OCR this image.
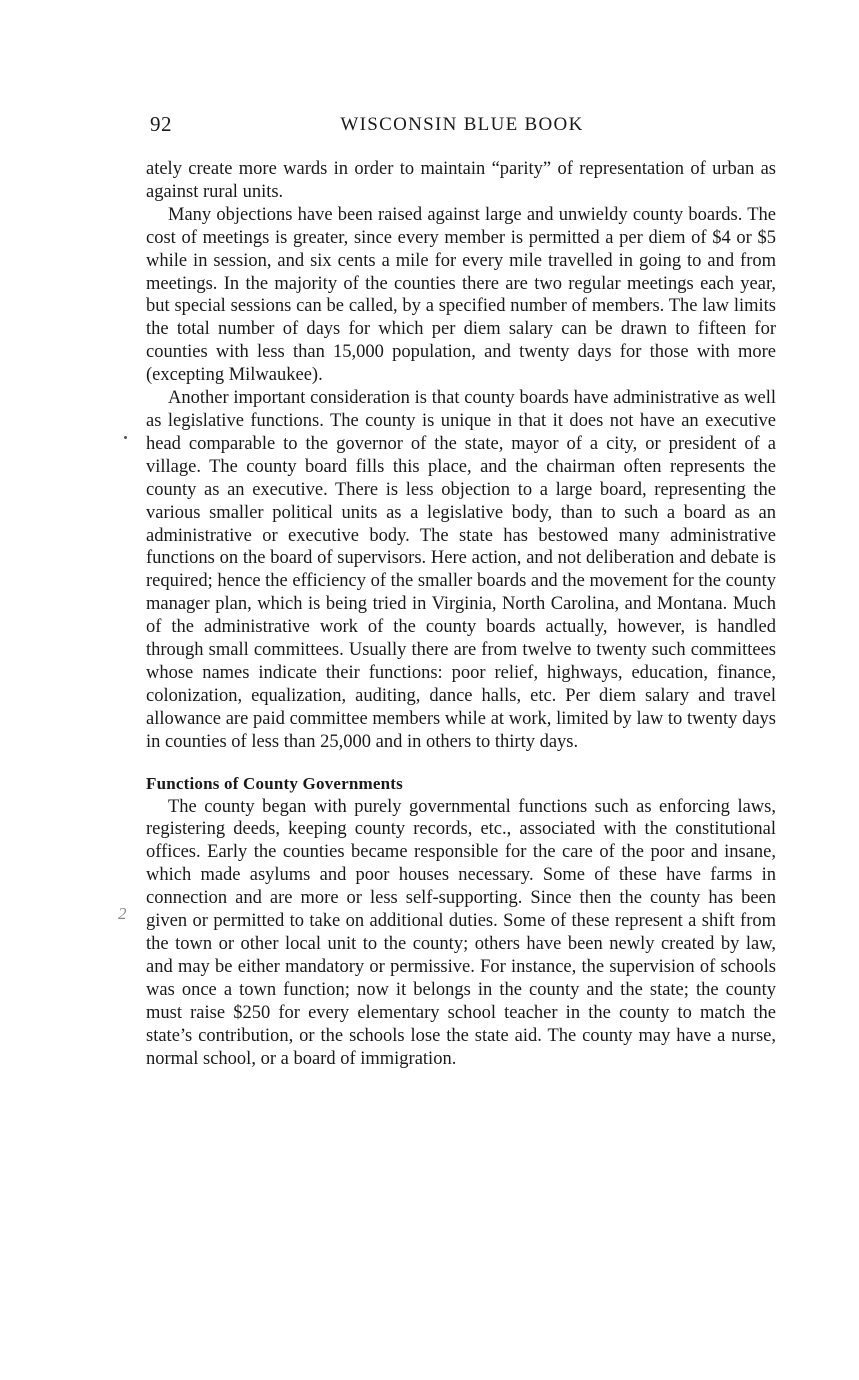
92	WISCONSIN BLUE BOOK
2

ately create more wards in order to maintain “parity” of representation of urban as against rural units.

Many objections have been raised against large and unwieldy county boards. The cost of meetings is greater, since every member is permitted a per diem of $4 or $5 while in session, and six cents a mile for every mile travelled in going to and from meetings. In the majority of the counties there are two regular meetings each year, but special sessions can be called, by a specified number of members. The law limits the total number of days for which per diem salary can be drawn to fifteen for counties with less than 15,000 population, and twenty days for those with more (excepting Milwaukee).

Another important consideration is that county boards have administrative as well as legislative functions. The county is unique in that it does not have an executive head comparable to the governor of the state, mayor of a city, or president of a village. The county board fills this place, and the chairman often represents the county as an executive. There is less objection to a large board, representing the various smaller political units as a legislative body, than to such a board as an administrative or executive body. The state has bestowed many administrative functions on the board of supervisors. Here action, and not deliberation and debate is required; hence the efficiency of the smaller boards and the movement for the county manager plan, which is being tried in Virginia, North Carolina, and Montana. Much of the administrative work of the county boards actually, however, is handled through small committees. Usually there are from twelve to twenty such committees whose names indicate their functions: poor relief, highways, education, finance, colonization, equalization, auditing, dance halls, etc. Per diem salary and travel allowance are paid committee members while at work, limited by law to twenty days in counties of less than 25,000 and in others to thirty days.

Functions of County Governments

The county began with purely governmental functions such as enforcing laws, registering deeds, keeping county records, etc., associated with the constitutional offices. Early the counties became responsible for the care of the poor and insane, which made asylums and poor houses necessary. Some of these have farms in connection and are more or less self-supporting. Since then the county has been given or permitted to take on additional duties. Some of these represent a shift from the town or other local unit to the county; others have been newly created by law, and may be either mandatory or permissive. For instance, the supervision of schools was once a town function; now it belongs in the county and the state; the county must raise $250 for every elementary school teacher in the county to match the state’s contribution, or the schools lose the state aid. The county may have a nurse, normal school, or a board of immigration.
